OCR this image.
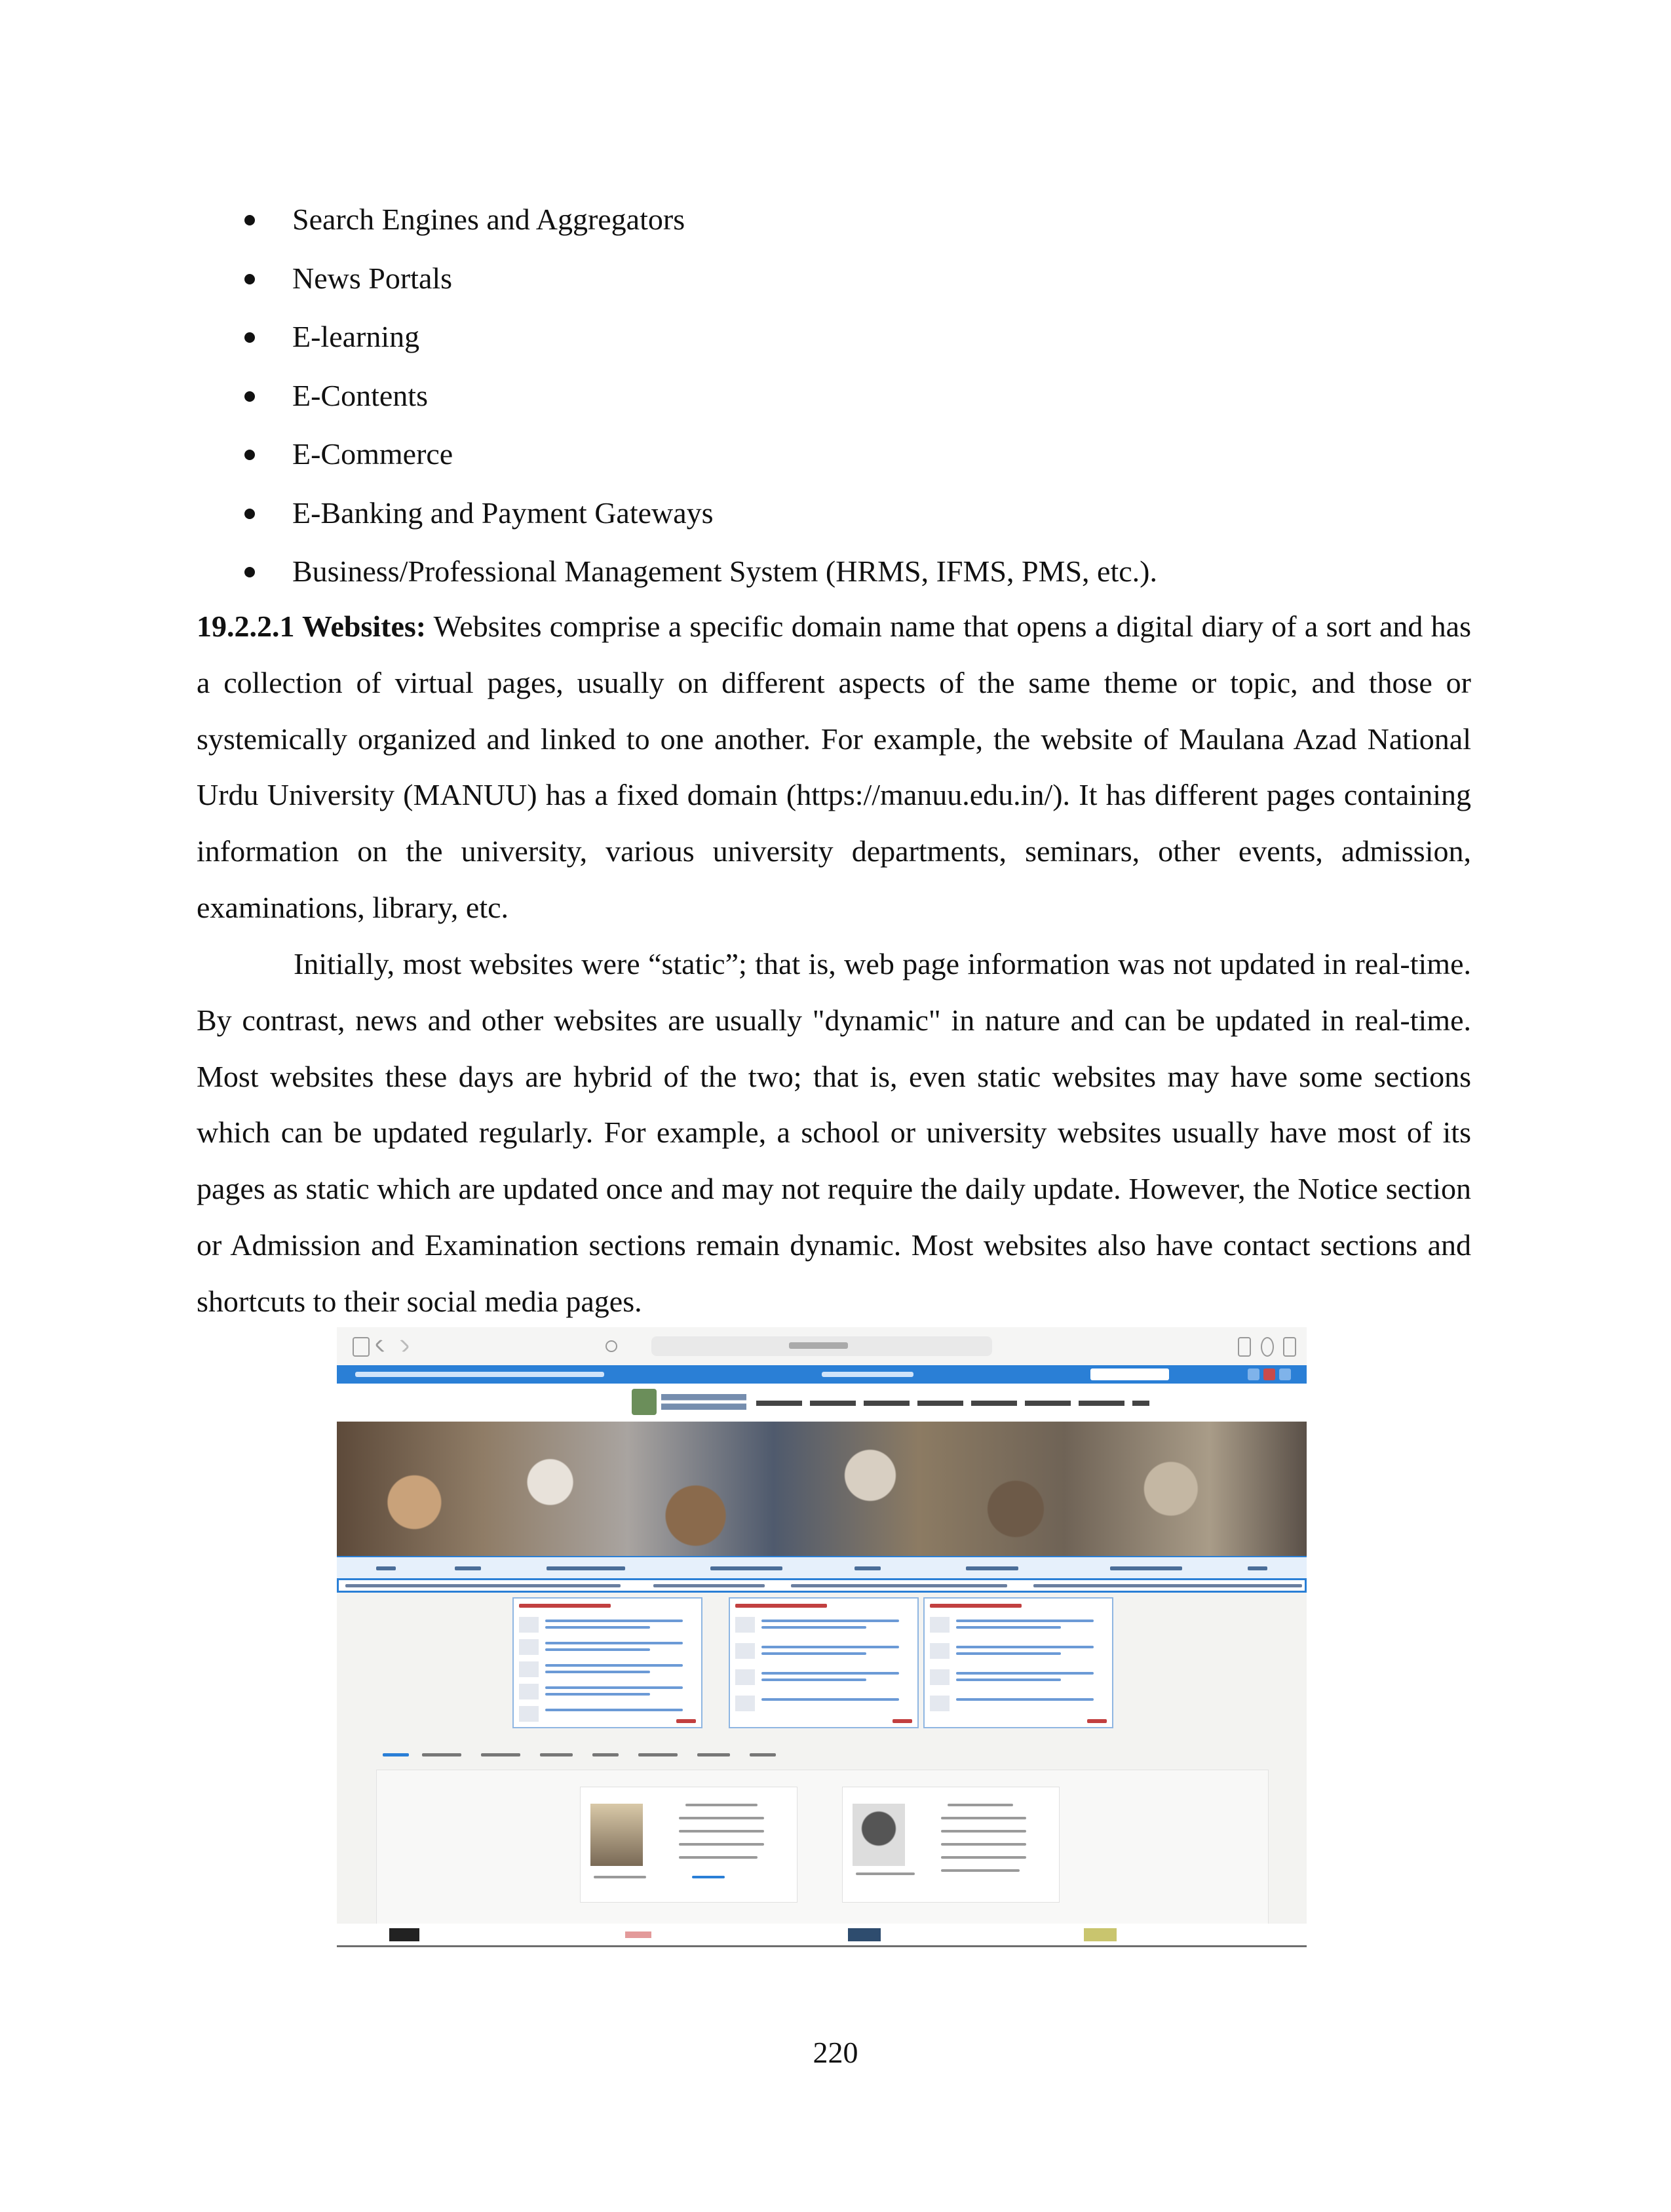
Search Engines and Aggregators
News Portals
E-learning
E-Contents
E-Commerce
E-Banking and Payment Gateways
Business/Professional Management System (HRMS, IFMS, PMS, etc.).

19.2.2.1 Websites: Websites comprise a specific domain name that opens a digital diary of a sort and has a collection of virtual pages, usually on different aspects of the same theme or topic, and those or systemically organized and linked to one another. For example, the website of Maulana Azad National Urdu University (MANUU) has a fixed domain (https://manuu.edu.in/). It has different pages containing information on the university, various university departments, seminars, other events, admission, examinations, library, etc.

Initially, most websites were “static”; that is, web page information was not updated in real-time. By contrast, news and other websites are usually "dynamic" in nature and can be updated in real-time. Most websites these days are hybrid of the two; that is, even static websites may have some sections which can be updated regularly. For example, a school or university websites usually have most of its pages as static which are updated once and may not require the daily update. However, the Notice section or Admission and Examination sections remain dynamic. Most websites also have contact sections and shortcuts to their social media pages.

220
